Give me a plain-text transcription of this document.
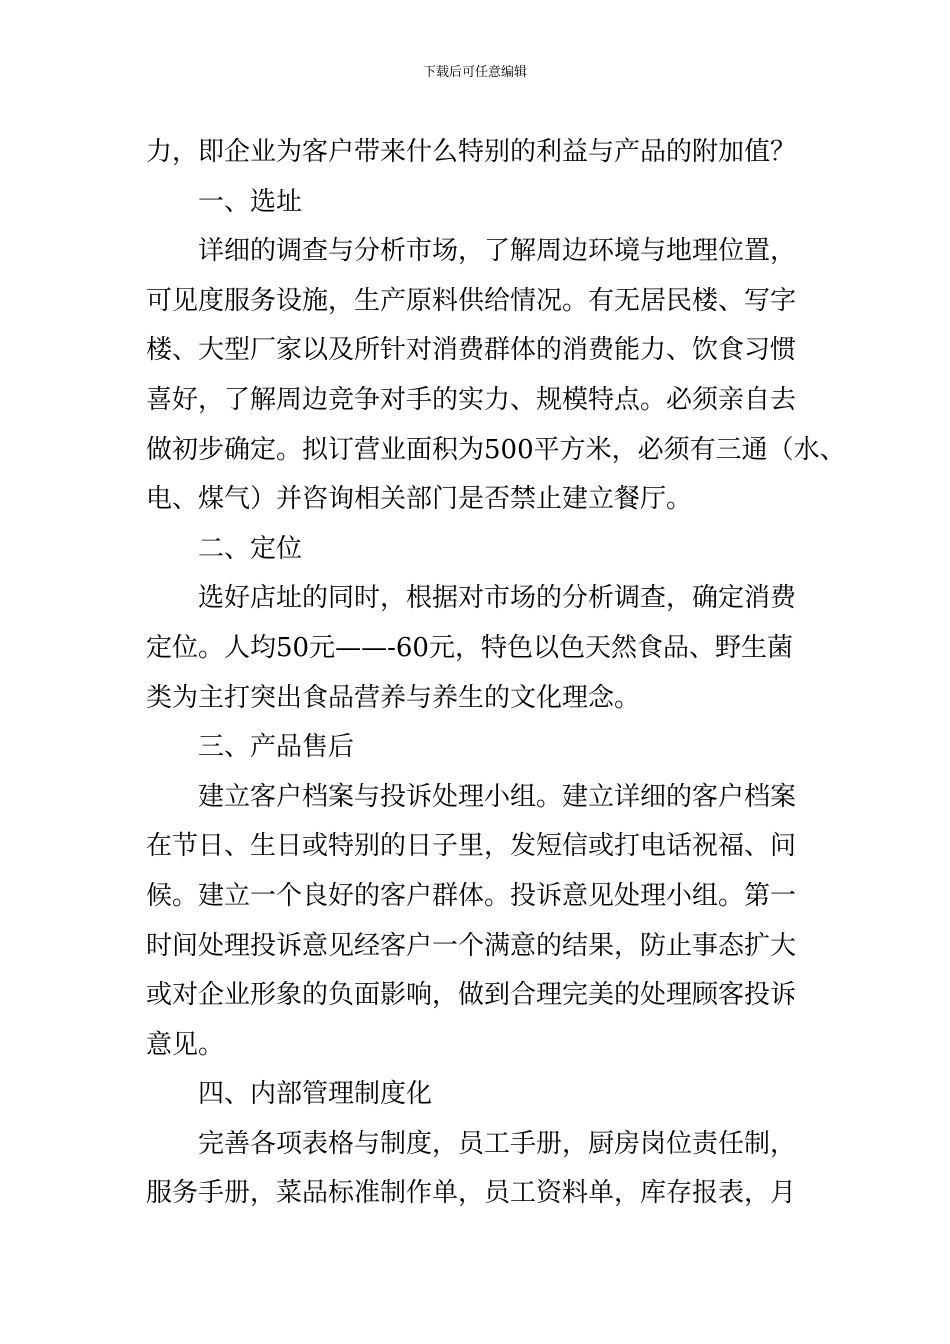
下载后可任意编辑
力，即企业为客户带来什么特别的利益与产品的附加值？
一、选址
详细的调查与分析市场，了解周边环境与地理位置，
可见度服务设施，生产原料供给情况。有无居民楼、写字
楼、大型厂家以及所针对消费群体的消费能力、饮食习惯
喜好，了解周边竞争对手的实力、规模特点。必须亲自去
做初步确定。拟订营业面积为500平方米，必须有三通（水、
电、煤气）并咨询相关部门是否禁止建立餐厅。
二、定位
选好店址的同时，根据对市场的分析调查，确定消费
定位。人均50元——-60元，特色以色天然食品、野生菌
类为主打突出食品营养与养生的文化理念。
三、产品售后
建立客户档案与投诉处理小组。建立详细的客户档案
在节日、生日或特别的日子里，发短信或打电话祝福、问
候。建立一个良好的客户群体。投诉意见处理小组。第一
时间处理投诉意见经客户一个满意的结果，防止事态扩大
或对企业形象的负面影响，做到合理完美的处理顾客投诉
意见。
四、内部管理制度化
完善各项表格与制度，员工手册，厨房岗位责任制，
服务手册，菜品标准制作单，员工资料单，库存报表，月
